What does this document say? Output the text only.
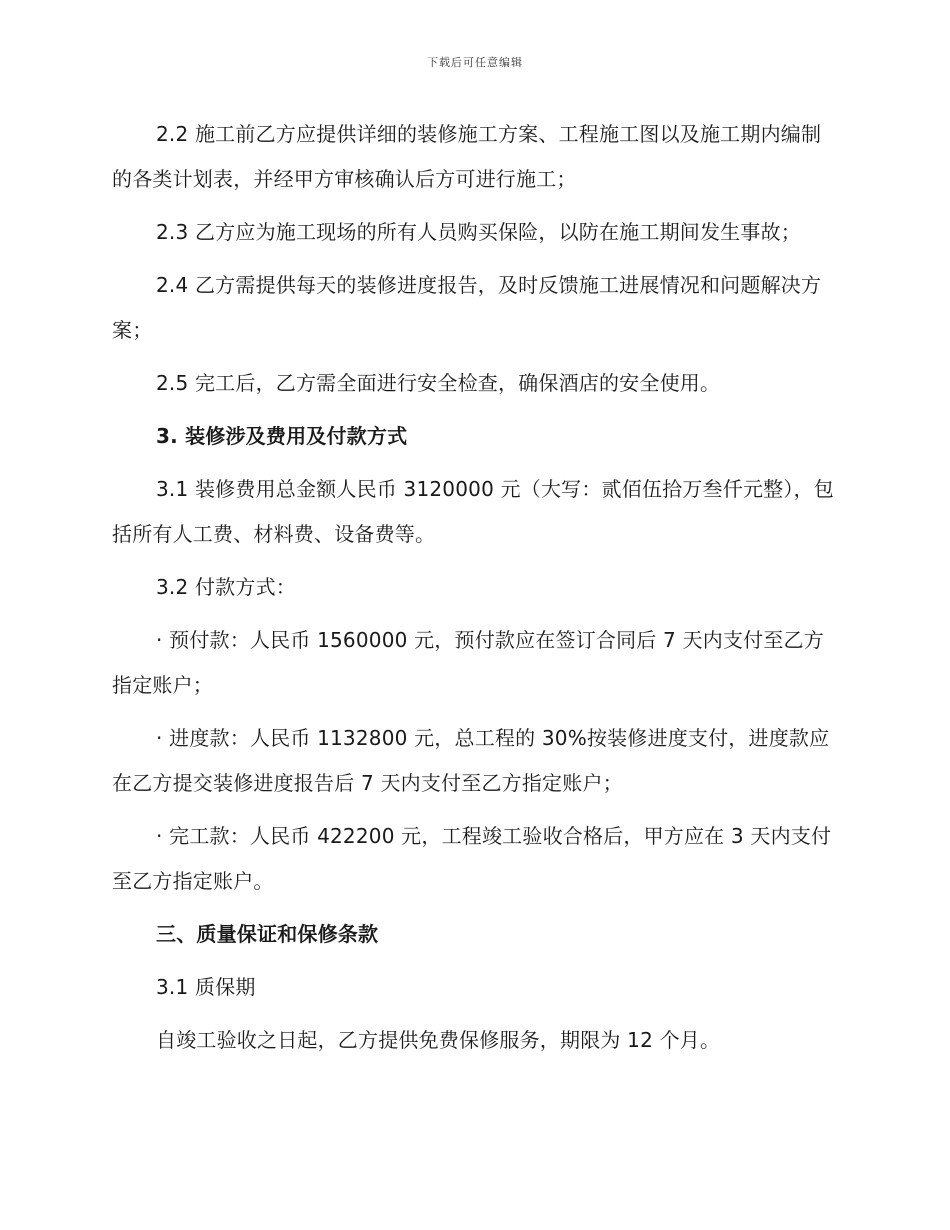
下载后可任意编辑

2.2 施工前乙方应提供详细的装修施工方案、工程施工图以及施工期内编制的各类计划表，并经甲方审核确认后方可进行施工；

2.3 乙方应为施工现场的所有人员购买保险，以防在施工期间发生事故；

2.4 乙方需提供每天的装修进度报告，及时反馈施工进展情况和问题解决方案；

2.5 完工后，乙方需全面进行安全检查，确保酒店的安全使用。

3. 装修涉及费用及付款方式

3.1 装修费用总金额人民币 3120000 元（大写：贰佰伍拾万叁仟元整），包括所有人工费、材料费、设备费等。

3.2 付款方式：

· 预付款：人民币 1560000 元，预付款应在签订合同后 7 天内支付至乙方指定账户；

· 进度款：人民币 1132800 元，总工程的 30%按装修进度支付，进度款应在乙方提交装修进度报告后 7 天内支付至乙方指定账户；

· 完工款：人民币 422200 元，工程竣工验收合格后，甲方应在 3 天内支付至乙方指定账户。

三、质量保证和保修条款

3.1 质保期

自竣工验收之日起，乙方提供免费保修服务，期限为 12 个月。
